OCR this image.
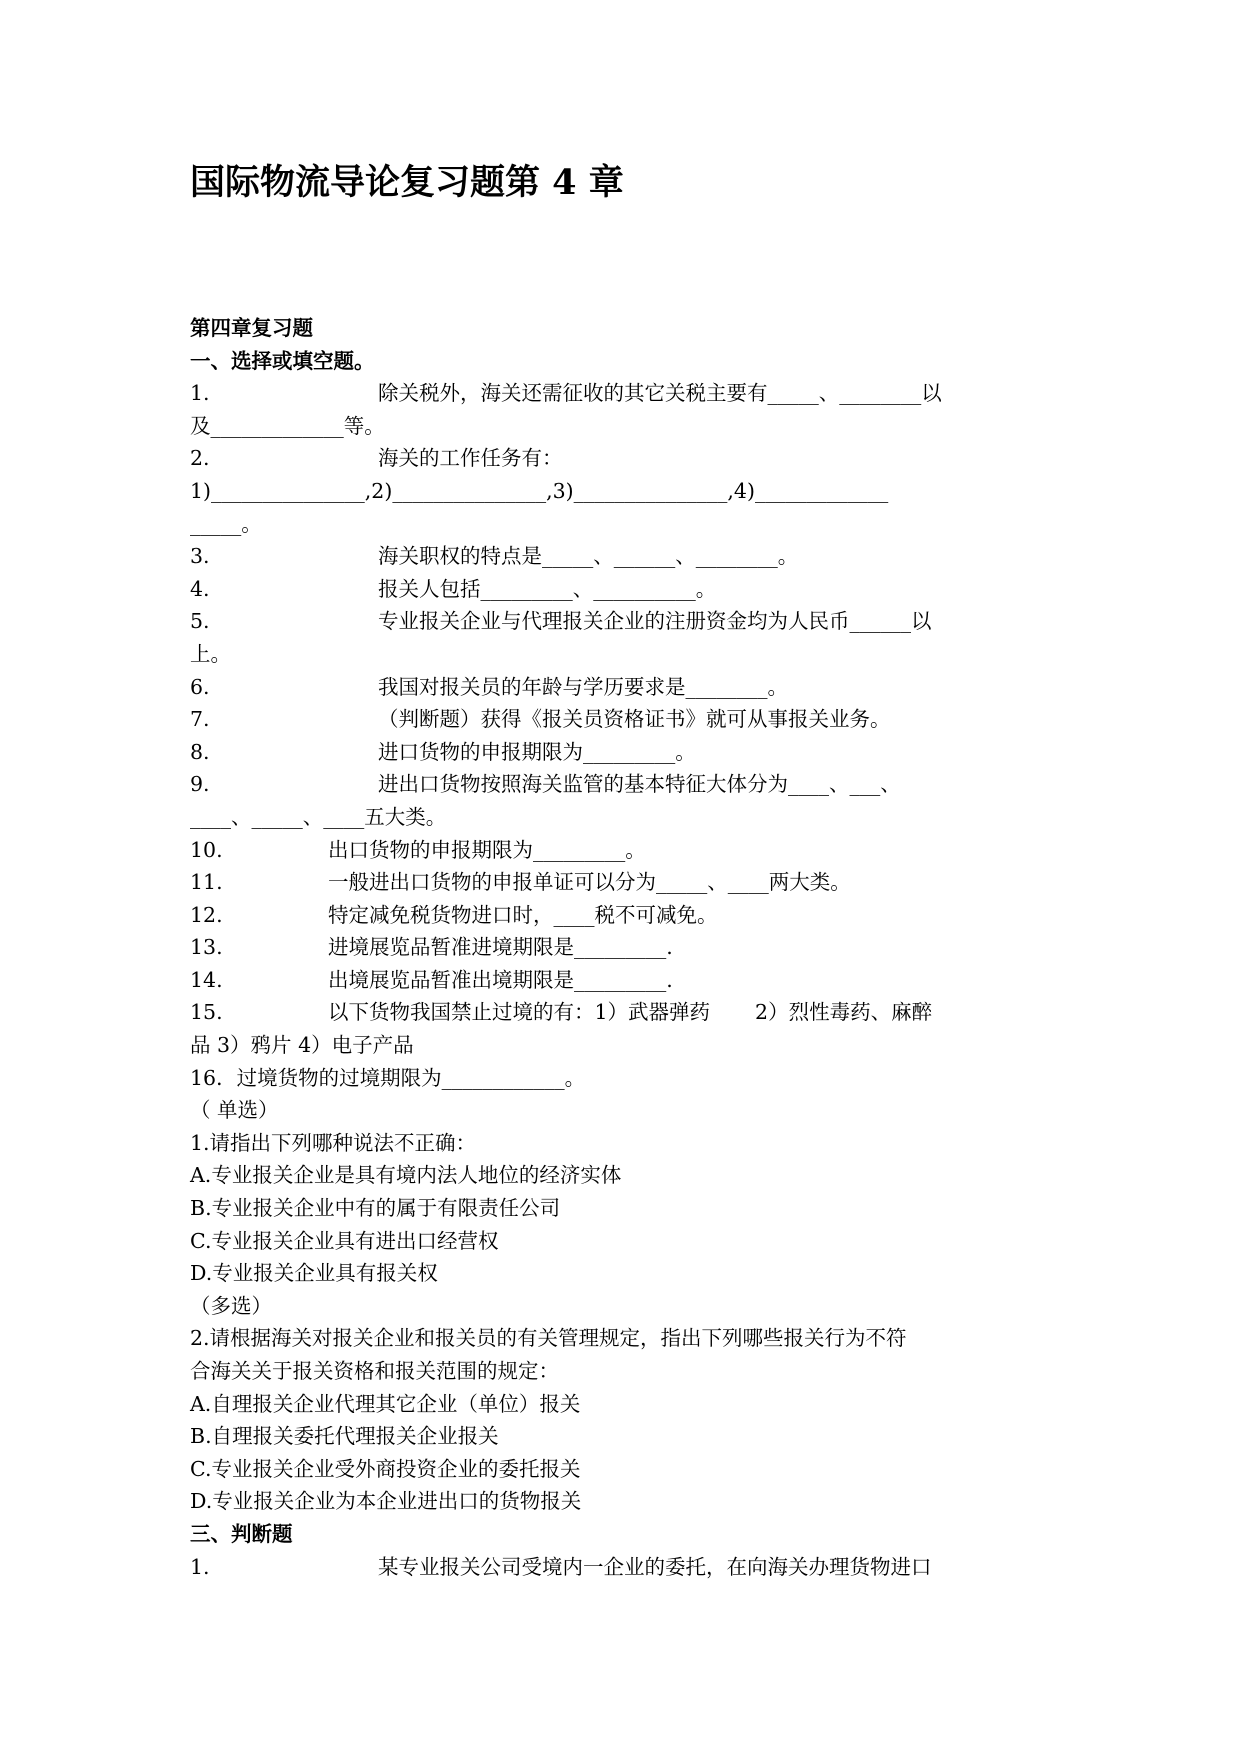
国际物流导论复习题第 4 章
第四章复习题
一、选择或填空题。
1.	除关税外，海关还需征收的其它关税主要有_____、________以
及_____________等。
2.	海关的工作任务有：
1)_______________,2)_______________,3)_______________,4)_____________
_____。
3.	海关职权的特点是_____、______、________。
4.	报关人包括_________、__________。
5.	专业报关企业与代理报关企业的注册资金均为人民币______以
上。
6.	我国对报关员的年龄与学历要求是________。
7.	（判断题）获得《报关员资格证书》就可从事报关业务。
8.	进口货物的申报期限为_________。
9.	进出口货物按照海关监管的基本特征大体分为____、___、
____、_____、____五大类。
10.	出口货物的申报期限为_________。
11.	一般进出口货物的申报单证可以分为_____、____两大类。
12.	特定减免税货物进口时，____税不可减免。
13.	进境展览品暂准进境期限是_________.
14.	出境展览品暂准出境期限是_________.
15.	以下货物我国禁止过境的有：1）武器弹药 2）烈性毒药、麻醉
品 3）鸦片 4）电子产品
16．过境货物的过境期限为____________。
（ 单选）
1.请指出下列哪种说法不正确：
A.专业报关企业是具有境内法人地位的经济实体
B.专业报关企业中有的属于有限责任公司
C.专业报关企业具有进出口经营权
D.专业报关企业具有报关权
（多选）
2.请根据海关对报关企业和报关员的有关管理规定，指出下列哪些报关行为不符
合海关关于报关资格和报关范围的规定：
A.自理报关企业代理其它企业（单位）报关
B.自理报关委托代理报关企业报关
C.专业报关企业受外商投资企业的委托报关
D.专业报关企业为本企业进出口的货物报关
三、判断题
1.	某专业报关公司受境内一企业的委托，在向海关办理货物进口
